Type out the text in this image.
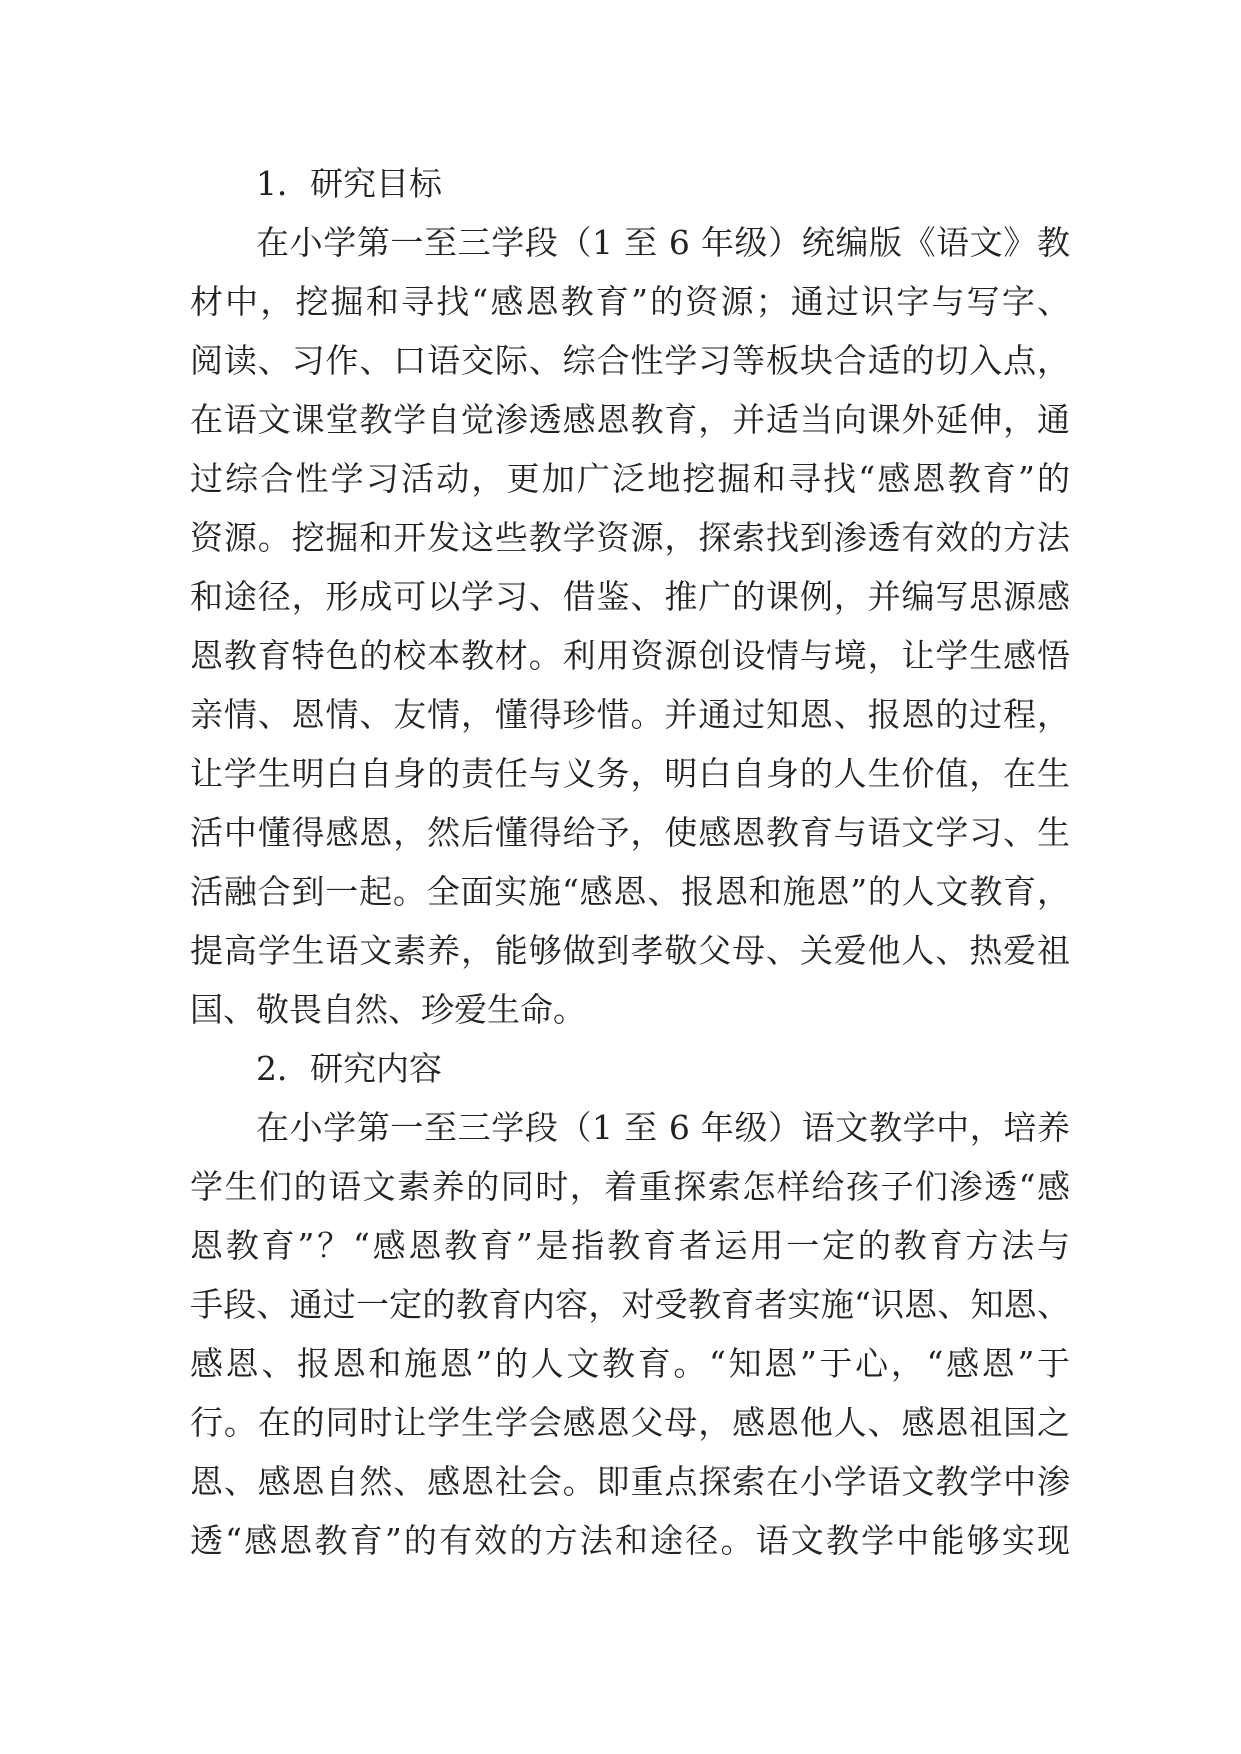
1．研究目标
在小学第一至三学段（1 至 6 年级）统编版《语文》教
材中，挖掘和寻找“感恩教育”的资源；通过识字与写字、
阅读、习作、口语交际、综合性学习等板块合适的切入点，
在语文课堂教学自觉渗透感恩教育，并适当向课外延伸，通
过综合性学习活动，更加广泛地挖掘和寻找“感恩教育”的
资源。挖掘和开发这些教学资源，探索找到渗透有效的方法
和途径，形成可以学习、借鉴、推广的课例，并编写思源感
恩教育特色的校本教材。利用资源创设情与境，让学生感悟
亲情、恩情、友情，懂得珍惜。并通过知恩、报恩的过程，
让学生明白自身的责任与义务，明白自身的人生价值，在生
活中懂得感恩，然后懂得给予，使感恩教育与语文学习、生
活融合到一起。全面实施“感恩、报恩和施恩”的人文教育，
提高学生语文素养，能够做到孝敬父母、关爱他人、热爱祖
国、敬畏自然、珍爱生命。
2．研究内容
在小学第一至三学段（1 至 6 年级）语文教学中，培养
学生们的语文素养的同时，着重探索怎样给孩子们渗透“感
恩教育”？“感恩教育”是指教育者运用一定的教育方法与
手段、通过一定的教育内容，对受教育者实施“识恩、知恩、
感恩、报恩和施恩”的人文教育。“知恩”于心，“感恩”于
行。在的同时让学生学会感恩父母，感恩他人、感恩祖国之
恩、感恩自然、感恩社会。即重点探索在小学语文教学中渗
透“感恩教育”的有效的方法和途径。语文教学中能够实现
